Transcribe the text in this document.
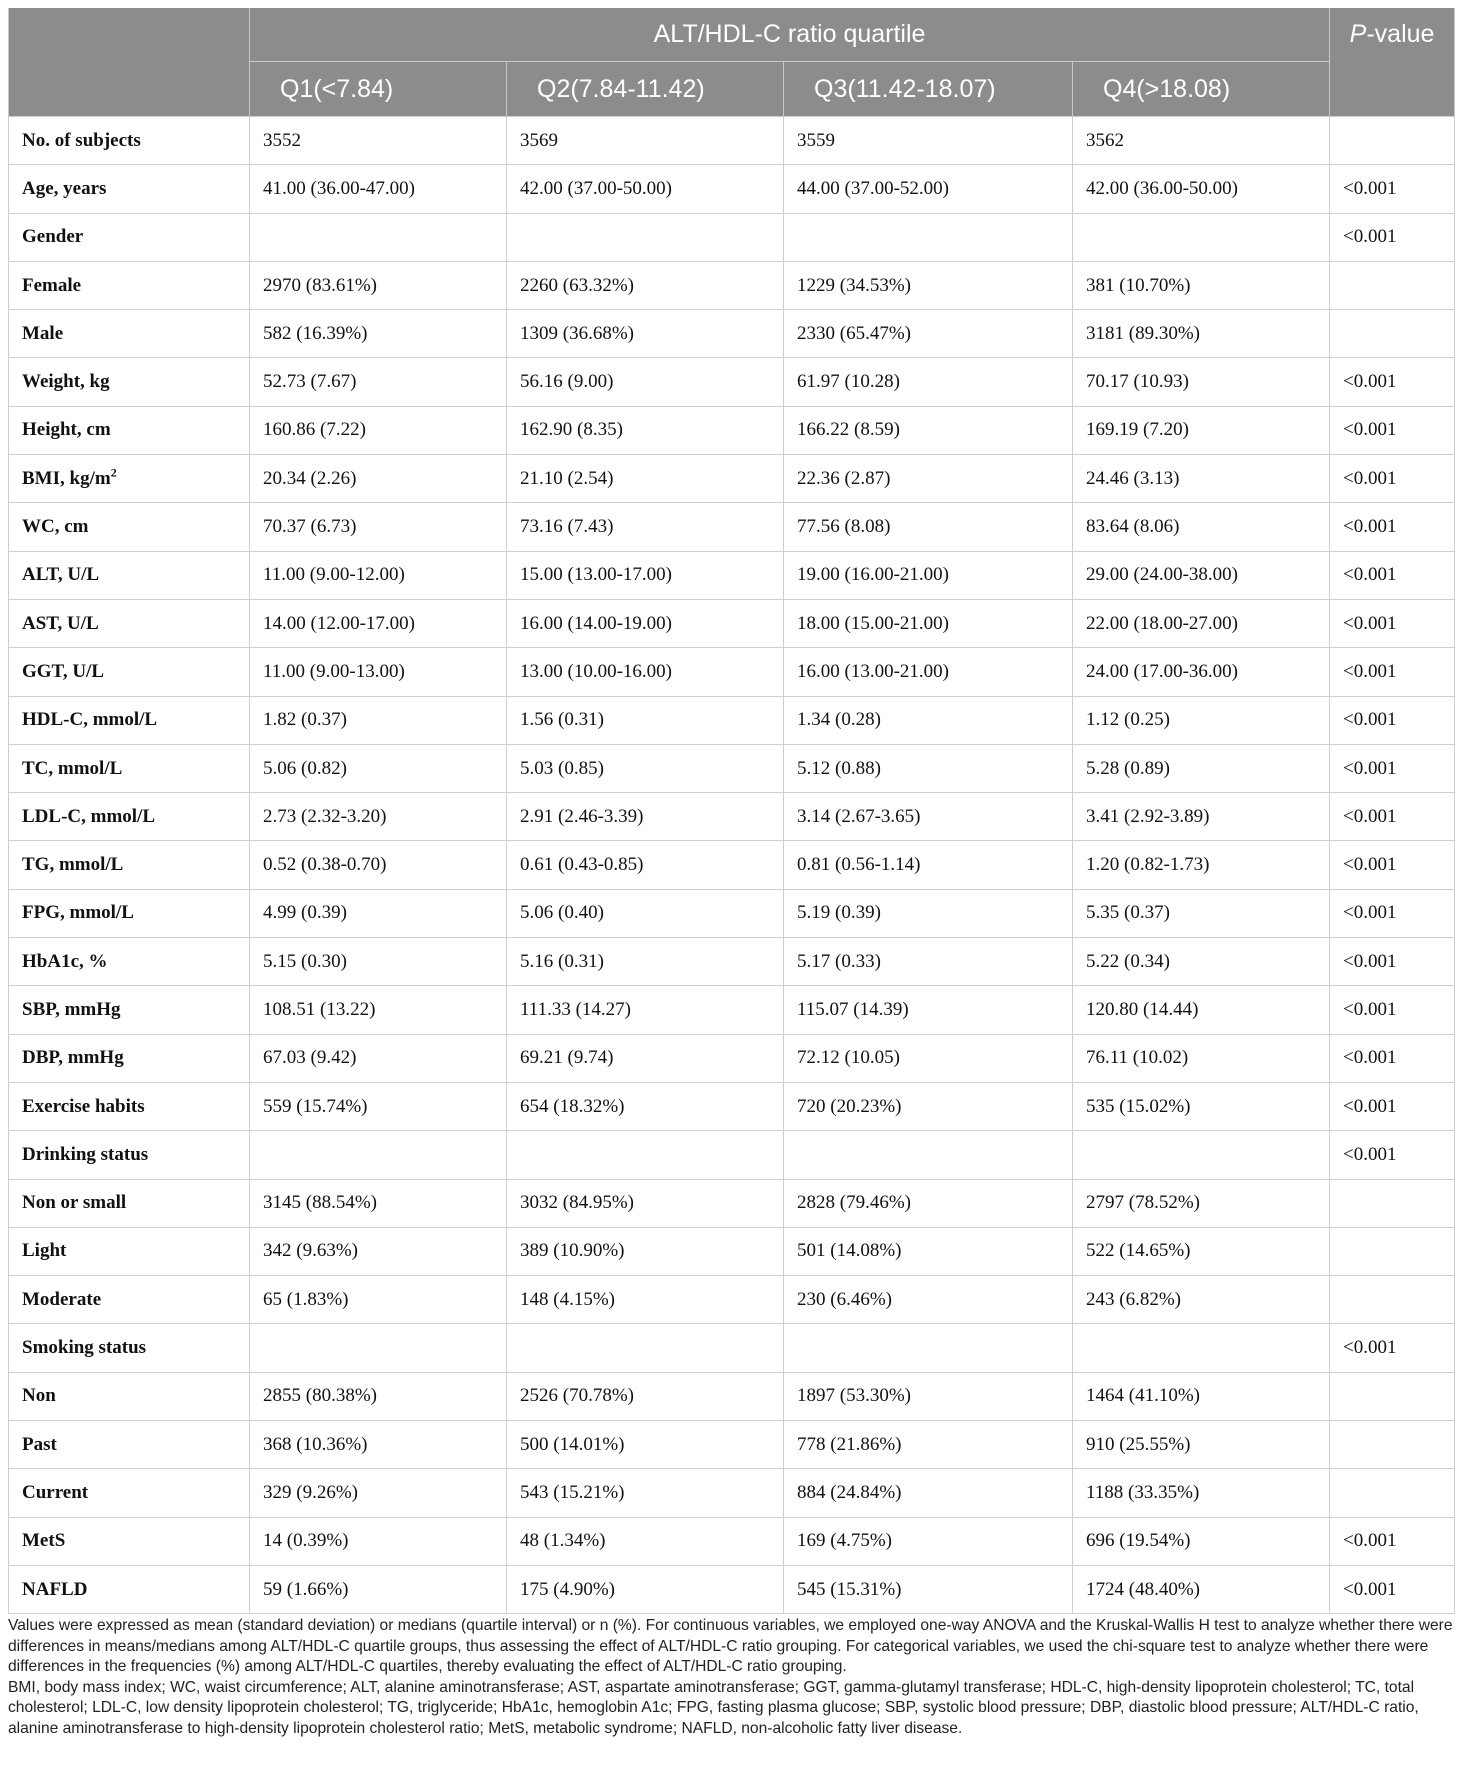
	ALT/HDL-C ratio quartile				P-value
	Q1(<7.84)	Q2(7.84-11.42)	Q3(11.42-18.07)	Q4(>18.08)	
No. of subjects	3552	3569	3559	3562	
Age, years	41.00 (36.00-47.00)	42.00 (37.00-50.00)	44.00 (37.00-52.00)	42.00 (36.00-50.00)	<0.001
Gender					<0.001
Female	2970 (83.61%)	2260 (63.32%)	1229 (34.53%)	381 (10.70%)	
Male	582 (16.39%)	1309 (36.68%)	2330 (65.47%)	3181 (89.30%)	
Weight, kg	52.73 (7.67)	56.16 (9.00)	61.97 (10.28)	70.17 (10.93)	<0.001
Height, cm	160.86 (7.22)	162.90 (8.35)	166.22 (8.59)	169.19 (7.20)	<0.001
BMI, $kg/m^2$	20.34 (2.26)	21.10 (2.54)	22.36 (2.87)	24.46 (3.13)	<0.001
WC, cm	70.37 (6.73)	73.16 (7.43)	77.56 (8.08)	83.64 (8.06)	<0.001
ALT, U/L	11.00 (9.00-12.00)	15.00 (13.00-17.00)	19.00 (16.00-21.00)	29.00 (24.00-38.00)	<0.001
AST, U/L	14.00 (12.00-17.00)	16.00 (14.00-19.00)	18.00 (15.00-21.00)	22.00 (18.00-27.00)	<0.001
GGT, U/L	11.00 (9.00-13.00)	13.00 (10.00-16.00)	16.00 (13.00-21.00)	24.00 (17.00-36.00)	<0.001
HDL-C, mmol/L	1.82 (0.37)	1.56 (0.31)	1.34 (0.28)	1.12 (0.25)	<0.001
TC, mmol/L	5.06 (0.82)	5.03 (0.85)	5.12 (0.88)	5.28 (0.89)	<0.001
LDL-C, mmol/L	2.73 (2.32-3.20)	2.91 (2.46-3.39)	3.14 (2.67-3.65)	3.41 (2.92-3.89)	<0.001
TG, mmol/L	0.52 (0.38-0.70)	0.61 (0.43-0.85)	0.81 (0.56-1.14)	1.20 (0.82-1.73)	<0.001
FPG, mmol/L	4.99 (0.39)	5.06 (0.40)	5.19 (0.39)	5.35 (0.37)	<0.001
HbA1c, %	5.15 (0.30)	5.16 (0.31)	5.17 (0.33)	5.22 (0.34)	<0.001
SBP, mmHg	108.51 (13.22)	111.33 (14.27)	115.07 (14.39)	120.80 (14.44)	<0.001
DBP, mmHg	67.03 (9.42)	69.21 (9.74)	72.12 (10.05)	76.11 (10.02)	<0.001
Exercise habits	559 (15.74%)	654 (18.32%)	720 (20.23%)	535 (15.02%)	<0.001
Drinking status					<0.001
Non or small	3145 (88.54%)	3032 (84.95%)	2828 (79.46%)	2797 (78.52%)	
Light	342 (9.63%)	389 (10.90%)	501 (14.08%)	522 (14.65%)	
Moderate	65 (1.83%)	148 (4.15%)	230 (6.46%)	243 (6.82%)	
Smoking status					<0.001
Non	2855 (80.38%)	2526 (70.78%)	1897 (53.30%)	1464 (41.10%)	
Past	368 (10.36%)	500 (14.01%)	778 (21.86%)	910 (25.55%)	
Current	329 (9.26%)	543 (15.21%)	884 (24.84%)	1188 (33.35%)	
MetS	14 (0.39%)	48 (1.34%)	169 (4.75%)	696 (19.54%)	<0.001
NAFLD	59 (1.66%)	175 (4.90%)	545 (15.31%)	1724 (48.40%)	<0.001

Values were expressed as mean (standard deviation) or medians (quartile interval) or n (%). For continuous variables, we employed one-way ANOVA and the Kruskal-Wallis H test to analyze whether there were differences in means/medians among ALT/HDL-C quartile groups, thus assessing the effect of ALT/HDL-C ratio grouping. For categorical variables, we used the chi-square test to analyze whether there were differences in the frequencies (%) among ALT/HDL-C quartiles, thereby evaluating the effect of ALT/HDL-C ratio grouping.

BMI, body mass index; WC, waist circumference; ALT, alanine aminotransferase; AST, aspartate aminotransferase; GGT, gamma-glutamyl transferase; HDL-C, high-density lipoprotein cholesterol; TC, total cholesterol; LDL-C, low density lipoprotein cholesterol; TG, triglyceride; HbA1c, hemoglobin A1c; FPG, fasting plasma glucose; SBP, systolic blood pressure; DBP, diastolic blood pressure; ALT/HDL-C ratio, alanine aminotransferase to high-density lipoprotein cholesterol ratio; MetS, metabolic syndrome; NAFLD, non-alcoholic fatty liver disease.
